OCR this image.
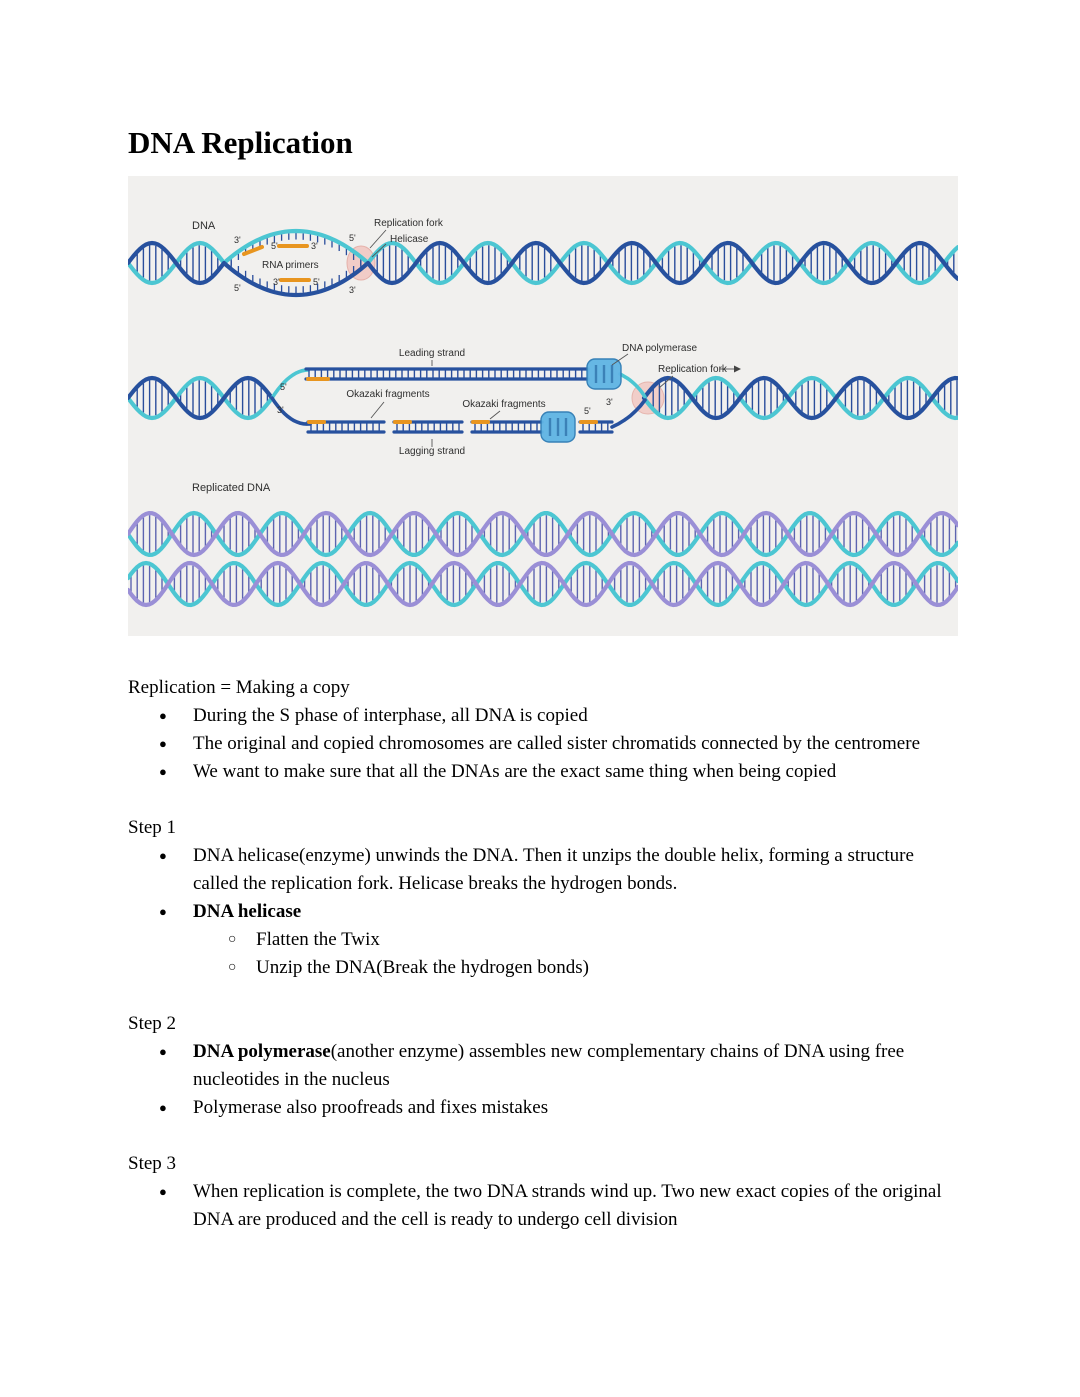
DNA Replication
DNA	Replication fork
Helicase
RNA primers
3'
5'	3'
5'
5'
3'	5'
3'
Leading strand	DNA polymerase
Replication fork
Okazaki fragments
Okazaki fragments
5'
3'	5'
3'
Lagging strand
Replicated DNA

Replication = Making a copy

● During the S phase of interphase, all DNA is copied
● The original and copied chromosomes are called sister chromatids connected by the centromere
● We want to make sure that all the DNAs are the exact same thing when being copied

Step 1

● DNA helicase(enzyme) unwinds the DNA. Then it unzips the double helix, forming a structure called the replication fork. Helicase breaks the hydrogen bonds.
● DNA helicase
○ Flatten the Twix
○ Unzip the DNA(Break the hydrogen bonds)

Step 2

● DNA polymerase(another enzyme) assembles new complementary chains of DNA using free nucleotides in the nucleus
● Polymerase also proofreads and fixes mistakes

Step 3

● When replication is complete, the two DNA strands wind up. Two new exact copies of the original DNA are produced and the cell is ready to undergo cell division
